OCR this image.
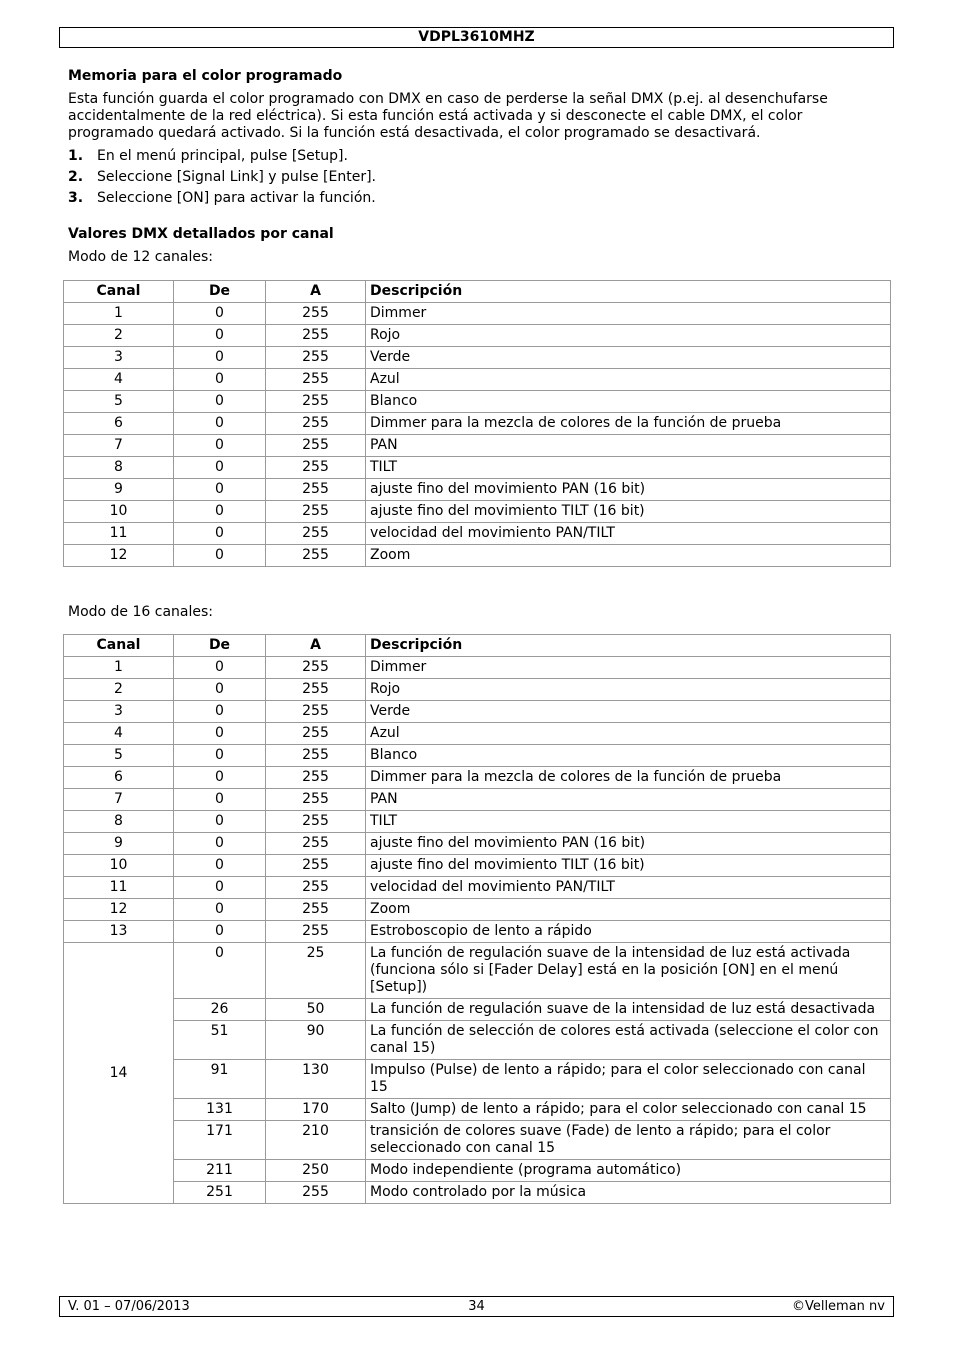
VDPL3610MHZ
Memoria para el color programado

Esta función guarda el color programado con DMX en caso de perderse la señal DMX (p.ej. al desenchufarse accidentalmente de la red eléctrica). Si esta función está activada y si desconecte el cable DMX, el color programado quedará activado. Si la función está desactivada, el color programado se desactivará.

1. En el menú principal, pulse [Setup].
2. Seleccione [Signal Link] y pulse [Enter].
3. Seleccione [ON] para activar la función.
Valores DMX detallados por canal

Modo de 12 canales:

Canal	De	A	Descripción
1	0	255	Dimmer
2	0	255	Rojo
3	0	255	Verde
4	0	255	Azul
5	0	255	Blanco
6	0	255	Dimmer para la mezcla de colores de la función de prueba
7	0	255	PAN
8	0	255	TILT
9	0	255	ajuste fino del movimiento PAN (16 bit)
10	0	255	ajuste fino del movimiento TILT (16 bit)
11	0	255	velocidad del movimiento PAN/TILT
12	0	255	Zoom

Modo de 16 canales:

Canal	De	A	Descripción
1	0	255	Dimmer
2	0	255	Rojo
3	0	255	Verde
4	0	255	Azul
5	0	255	Blanco
6	0	255	Dimmer para la mezcla de colores de la función de prueba
7	0	255	PAN
8	0	255	TILT
9	0	255	ajuste fino del movimiento PAN (16 bit)
10	0	255	ajuste fino del movimiento TILT (16 bit)
11	0	255	velocidad del movimiento PAN/TILT
12	0	255	Zoom
13	0	255	Estroboscopio de lento a rápido
14	0	25	La función de regulación suave de la intensidad de luz está activada (funciona sólo si [Fader Delay] está en la posición [ON] en el menú [Setup])
	26	50	La función de regulación suave de la intensidad de luz está desactivada
	51	90	La función de selección de colores está activada (seleccione el color con canal 15)
	91	130	Impulso (Pulse) de lento a rápido; para el color seleccionado con canal 15
	131	170	Salto (Jump) de lento a rápido; para el color seleccionado con canal 15
	171	210	transición de colores suave (Fade) de lento a rápido; para el color seleccionado con canal 15
	211	250	Modo independiente (programa automático)
	251	255	Modo controlado por la música
V. 01 – 07/06/2013	34	©Velleman nv
